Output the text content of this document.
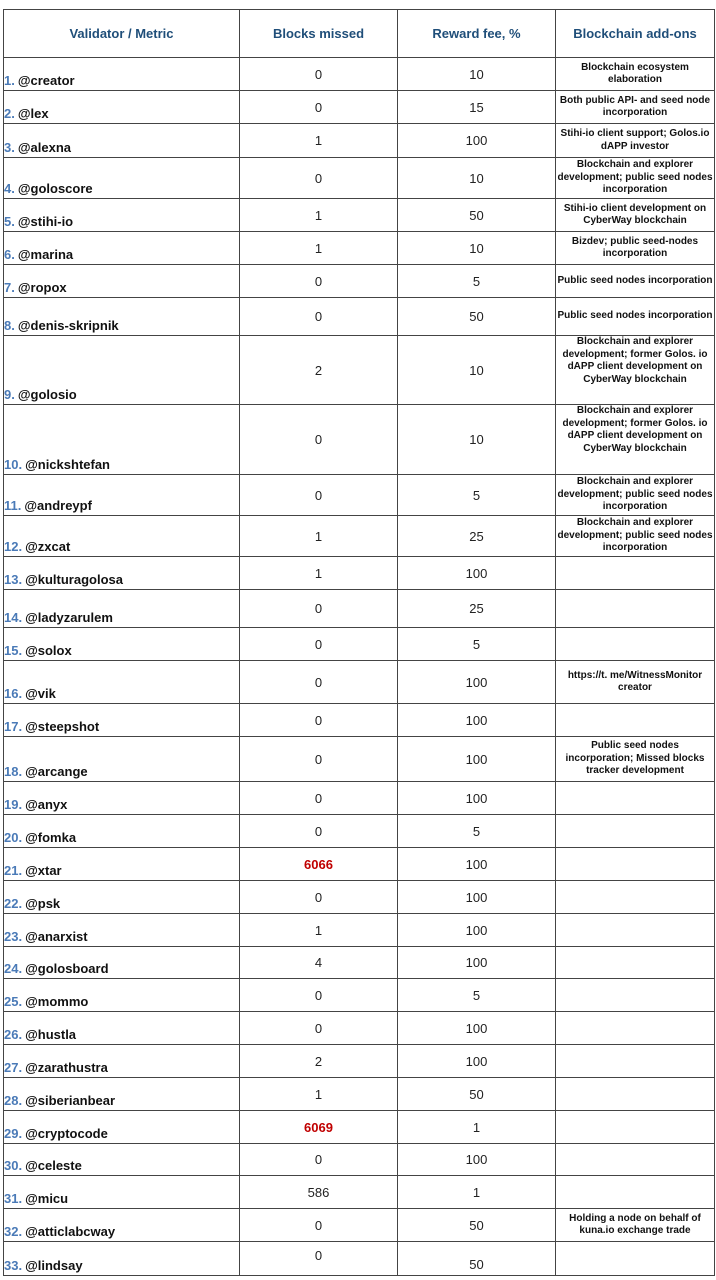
Validator / Metric	Blocks missed	Reward fee, %	Blockchain add-ons

1. @creator	0	10	Blockchain ecosystem elaboration

2. @lex	0	15	Both public API- and seed node incorporation

3. @alexna	1	100	Stihi-io client support; Golos.io dAPP investor

4. @goloscore	0	10	Blockchain and explorer development; public seed nodes incorporation

5. @stihi-io	1	50	Stihi-io client development on CyberWay blockchain

6. @marina	1	10	Bizdev; public seed-nodes incorporation

7. @ropox	0	5	Public seed nodes incorporation

8. @denis-skripnik	0	50	Public seed nodes incorporation

9. @golosio	2	10	Blockchain and explorer development; former Golos. io dAPP client development on CyberWay blockchain

10. @nickshtefan	0	10	Blockchain and explorer development; former Golos. io dAPP client development on CyberWay blockchain

11. @andreypf	0	5	Blockchain and explorer development; public seed nodes incorporation

12. @zxcat	1	25	Blockchain and explorer development; public seed nodes incorporation

13. @kulturagolosa	1	100	

14. @ladyzarulem	0	25	

15. @solox	0	5	

16. @vik	0	100	https://t. me/WitnessMonitor creator

17. @steepshot	0	100	

18. @arcange	0	100	Public seed nodes incorporation; Missed blocks tracker development

19. @anyx	0	100	

20. @fomka	0	5	

21. @xtar	6066	100	

22. @psk	0	100	

23. @anarxist	1	100	

24. @golosboard	4	100	

25. @mommo	0	5	

26. @hustla	0	100	

27. @zarathustra	2	100	

28. @siberianbear	1	50	

29. @cryptocode	6069	1	

30. @celeste	0	100	

31. @micu	586	1	

32. @atticlabcway	0	50	Holding a node on behalf of kuna.io exchange trade

33. @lindsay	0	50	
